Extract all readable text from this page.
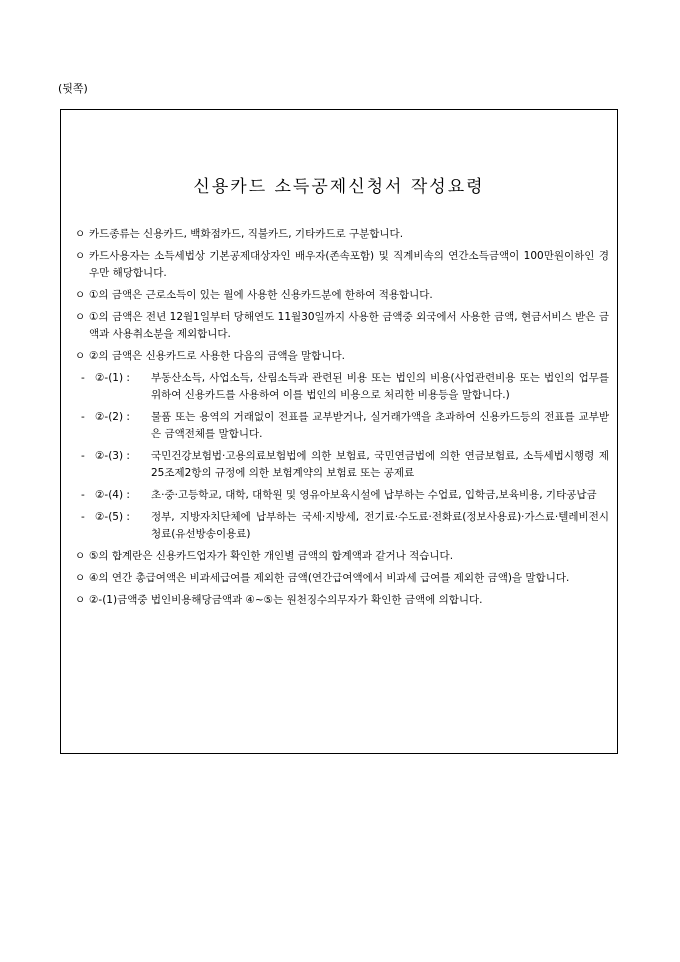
(뒷쪽)
신용카드 소득공제신청서 작성요령
ㅇ 카드종류는 신용카드, 백화점카드, 직불카드, 기타카드로 구분합니다.
ㅇ 카드사용자는 소득세법상 기본공제대상자인 배우자(존속포함) 및 직계비속의 연간소득금액이 100만원이하인 경우만 해당합니다.
ㅇ ①의 금액은 근로소득이 있는 월에 사용한 신용카드분에 한하여 적용합니다.
ㅇ ①의 금액은 전년 12월1일부터 당해연도 11월30일까지 사용한 금액중 외국에서 사용한 금액, 현금서비스 받은 금액과 사용취소분을 제외합니다.
ㅇ ②의 금액은 신용카드로 사용한 다음의 금액을 말합니다.
- ②-(1) : 부동산소득, 사업소득, 산림소득과 관련된 비용 또는 법인의 비용(사업관련비용 또는 법인의 업무를 위하여 신용카드를 사용하여 이를 법인의 비용으로 처리한 비용등을 말합니다.)
- ②-(2) : 물품 또는 용역의 거래없이 전표를 교부받거나, 실거래가액을 초과하여 신용카드등의 전표를 교부받은 금액전체를 말합니다.
- ②-(3) : 국민건강보험법·고용의료보험법에 의한 보험료, 국민연금법에 의한 연금보험료, 소득세법시행령 제25조제2항의 규정에 의한 보험계약의 보험료 또는 공제료
- ②-(4) : 초·중·고등학교, 대학, 대학원 및 영유아보육시설에 납부하는 수업료, 입학금,보육비용, 기타공납금
- ②-(5) : 정부, 지방자치단체에 납부하는 국세·지방세, 전기료·수도료·전화료(정보사용료)·가스료·텔레비전시청료(유선방송이용료)
ㅇ ⑤의 합계란은 신용카드업자가 확인한 개인별 금액의 합계액과 같거나 적습니다.
ㅇ ④의 연간 총급여액은 비과세급여를 제외한 금액(연간급여액에서 비과세 급여를 제외한 금액)을 말합니다.
ㅇ ②-(1)금액중 법인비용해당금액과 ④~⑤는 원천징수의무자가 확인한 금액에 의합니다.
